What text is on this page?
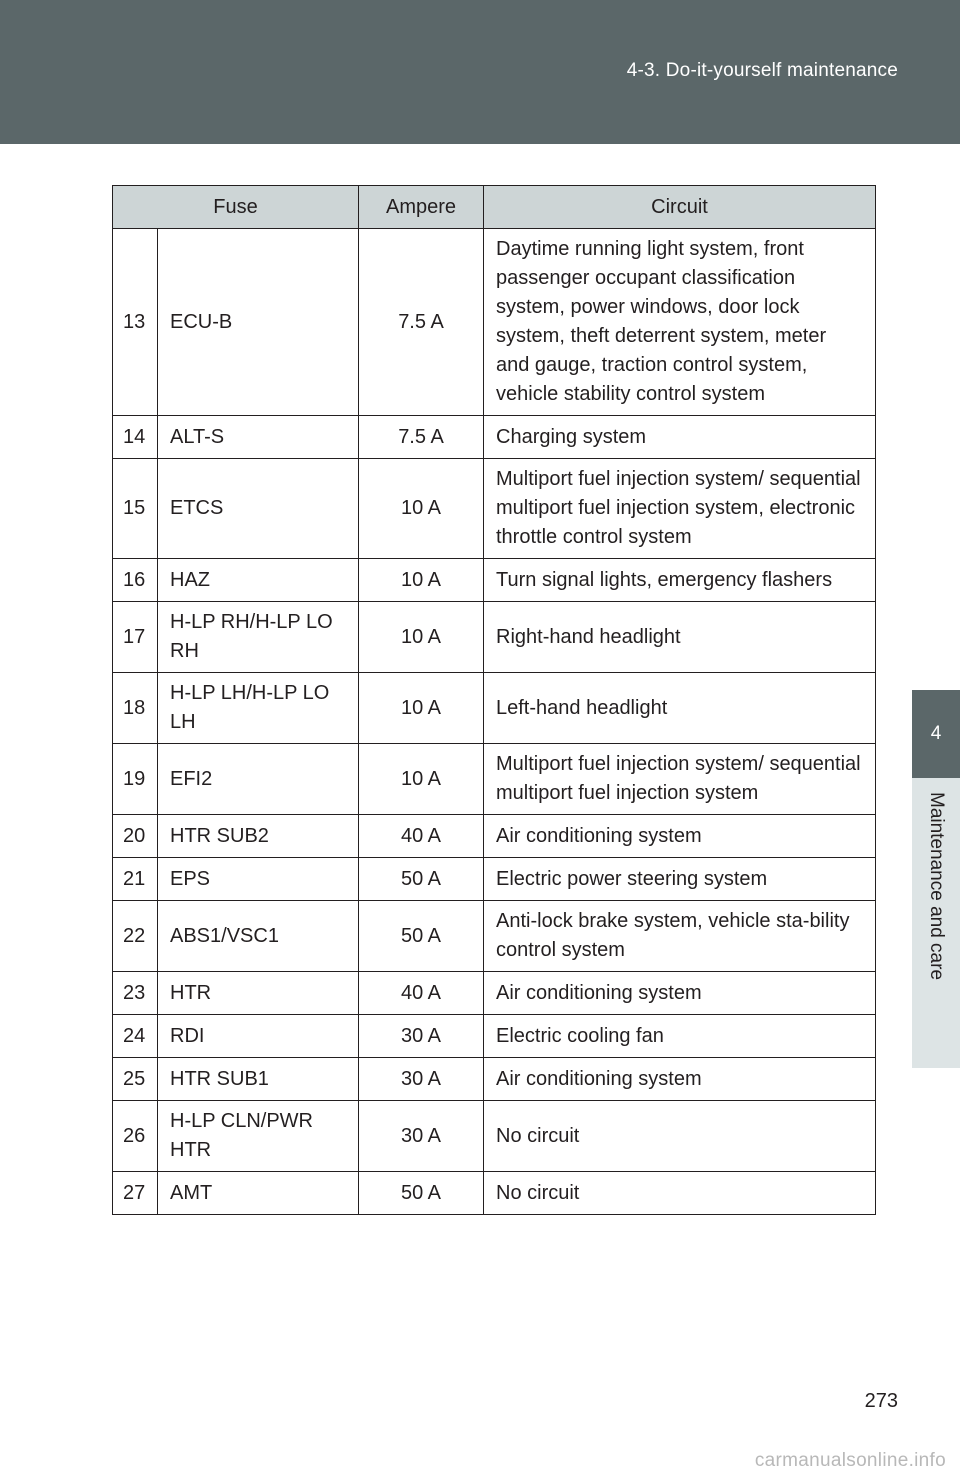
4-3. Do-it-yourself maintenance
4
Maintenance and care
Fuse		Ampere	Circuit
13	ECU-B	7.5 A	Daytime running light system, front passenger occupant classification system, power windows, door lock system, theft deterrent system, meter and gauge, traction control system, vehicle stability control system
14	ALT-S	7.5 A	Charging system
15	ETCS	10 A	Multiport fuel injection system/ sequential multiport fuel injection system, electronic throttle control system
16	HAZ	10 A	Turn signal lights, emergency flashers
17	H-LP RH/H-LP LO RH	10 A	Right-hand headlight
18	H-LP LH/H-LP LO LH	10 A	Left-hand headlight
19	EFI2	10 A	Multiport fuel injection system/ sequential multiport fuel injection system
20	HTR SUB2	40 A	Air conditioning system
21	EPS	50 A	Electric power steering system
22	ABS1/VSC1	50 A	Anti-lock brake system, vehicle sta-bility control system
23	HTR	40 A	Air conditioning system
24	RDI	30 A	Electric cooling fan
25	HTR SUB1	30 A	Air conditioning system
26	H-LP CLN/PWR HTR	30 A	No circuit
27	AMT	50 A	No circuit
273
carmanualsonline.info
